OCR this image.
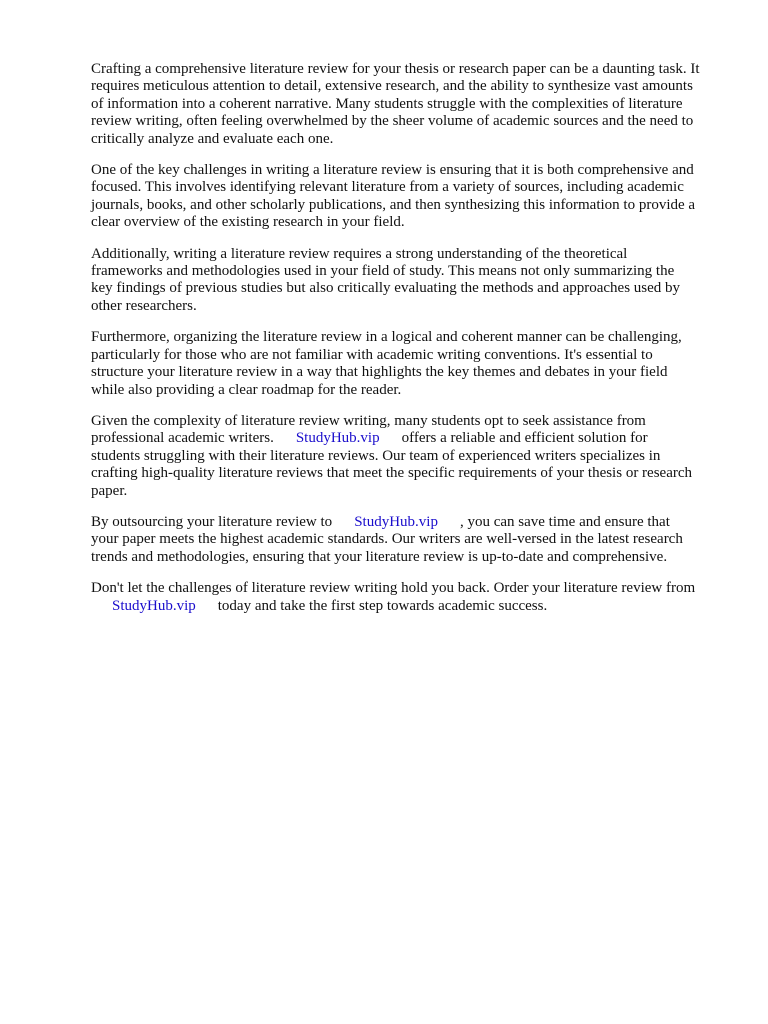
Crafting a comprehensive literature review for your thesis or research paper can be a daunting task. It
requires meticulous attention to detail, extensive research, and the ability to synthesize vast amounts
of information into a coherent narrative. Many students struggle with the complexities of literature
review writing, often feeling overwhelmed by the sheer volume of academic sources and the need to
critically analyze and evaluate each one.

One of the key challenges in writing a literature review is ensuring that it is both comprehensive and
focused. This involves identifying relevant literature from a variety of sources, including academic
journals, books, and other scholarly publications, and then synthesizing this information to provide a
clear overview of the existing research in your field.

Additionally, writing a literature review requires a strong understanding of the theoretical
frameworks and methodologies used in your field of study. This means not only summarizing the
key findings of previous studies but also critically evaluating the methods and approaches used by
other researchers.

Furthermore, organizing the literature review in a logical and coherent manner can be challenging,
particularly for those who are not familiar with academic writing conventions. It's essential to
structure your literature review in a way that highlights the key themes and debates in your field
while also providing a clear roadmap for the reader.

Given the complexity of literature review writing, many students opt to seek assistance from
professional academic writers. StudyHub.vip offers a reliable and efficient solution for
students struggling with their literature reviews. Our team of experienced writers specializes in
crafting high-quality literature reviews that meet the specific requirements of your thesis or research
paper.

By outsourcing your literature review to StudyHub.vip , you can save time and ensure that
your paper meets the highest academic standards. Our writers are well-versed in the latest research
trends and methodologies, ensuring that your literature review is up-to-date and comprehensive.

Don't let the challenges of literature review writing hold you back. Order your literature review from
StudyHub.vip today and take the first step towards academic success.
